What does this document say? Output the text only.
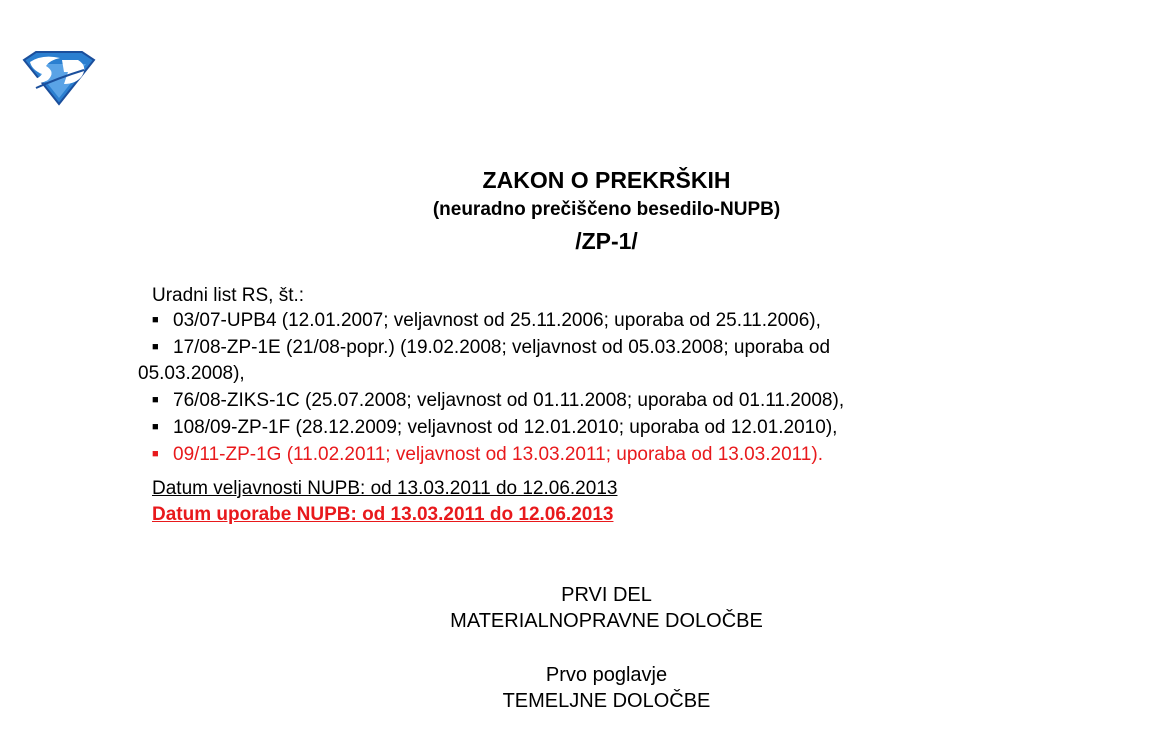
ZAKON O PREKRŠKIH
(neuradno prečiščeno besedilo-NUPB)
/ZP-1/
Uradni list RS, št.:
■ 03/07-UPB4 (12.01.2007; veljavnost od 25.11.2006; uporaba od 25.11.2006),
■ 17/08-ZP-1E (21/08-popr.) (19.02.2008; veljavnost od 05.03.2008; uporaba od
05.03.2008),
■ 76/08-ZIKS-1C (25.07.2008; veljavnost od 01.11.2008; uporaba od 01.11.2008),
■ 108/09-ZP-1F (28.12.2009; veljavnost od 12.01.2010; uporaba od 12.01.2010),
■ 09/11-ZP-1G (11.02.2011; veljavnost od 13.03.2011; uporaba od 13.03.2011).
Datum veljavnosti NUPB: od 13.03.2011 do 12.06.2013
Datum uporabe NUPB: od 13.03.2011 do 12.06.2013
PRVI DEL
MATERIALNOPRAVNE DOLOČBE
Prvo poglavje
TEMELJNE DOLOČBE
